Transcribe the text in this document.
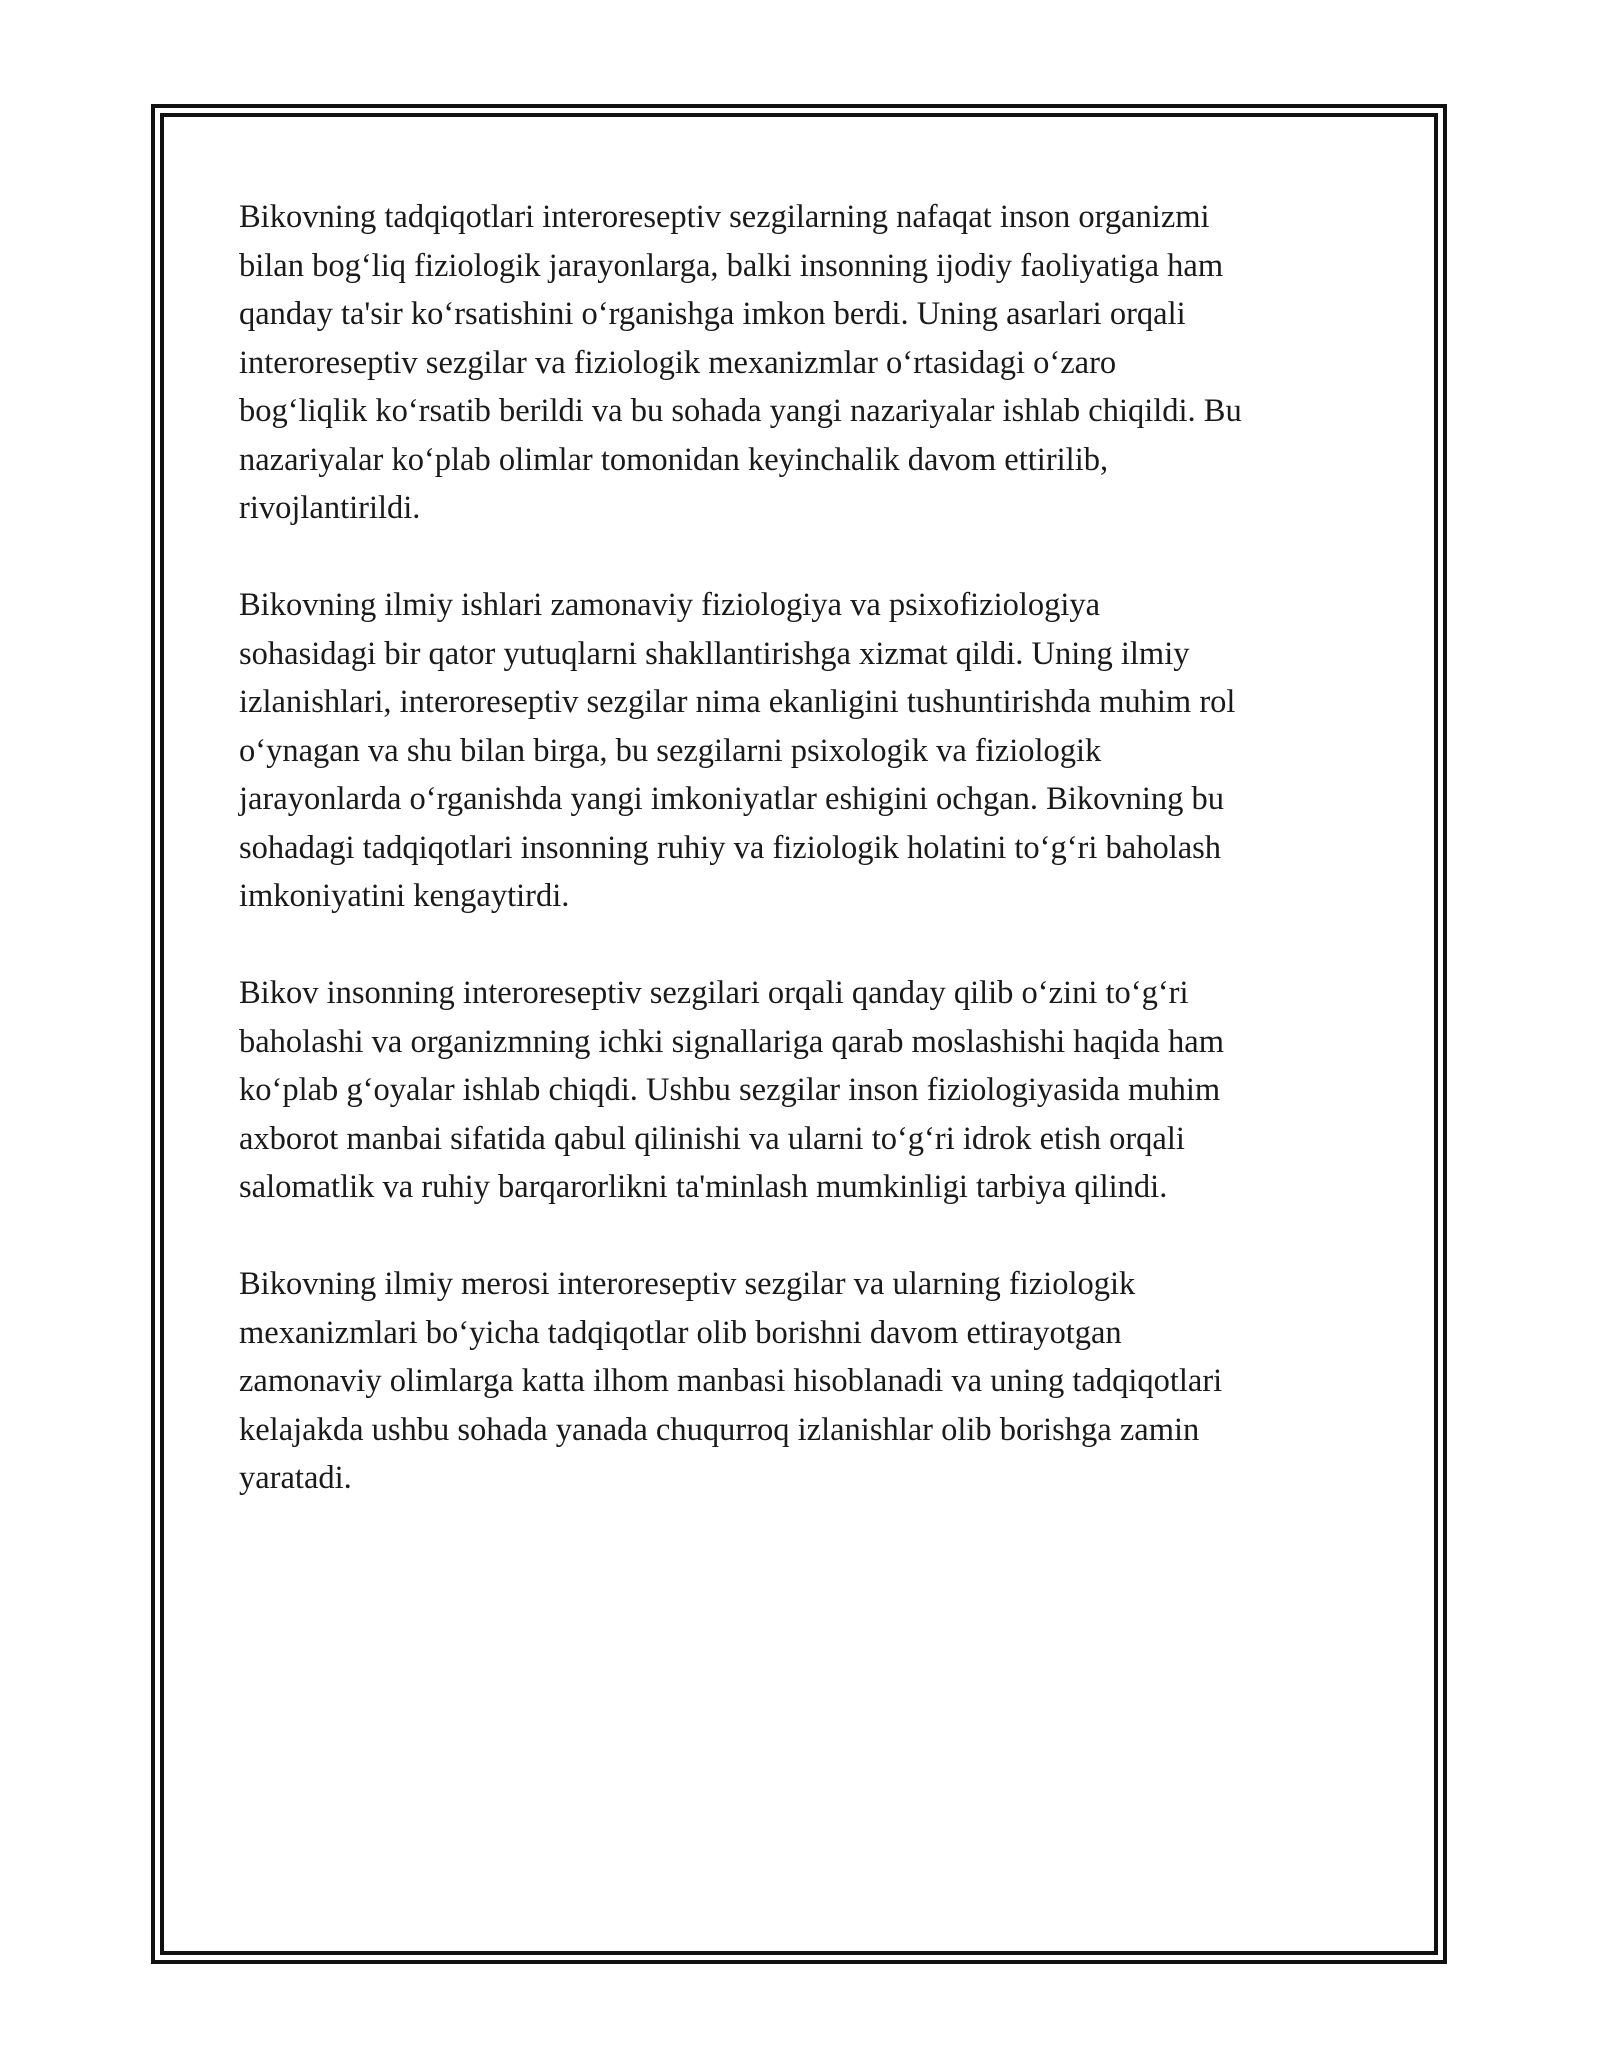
Bikovning tadqiqotlari interoreseptiv sezgilarning nafaqat inson organizmi
bilan bog‘liq fiziologik jarayonlarga, balki insonning ijodiy faoliyatiga ham
qanday ta'sir ko‘rsatishini o‘rganishga imkon berdi. Uning asarlari orqali
interoreseptiv sezgilar va fiziologik mexanizmlar o‘rtasidagi o‘zaro
bog‘liqlik ko‘rsatib berildi va bu sohada yangi nazariyalar ishlab chiqildi. Bu
nazariyalar ko‘plab olimlar tomonidan keyinchalik davom ettirilib,
rivojlantirildi.

Bikovning ilmiy ishlari zamonaviy fiziologiya va psixofiziologiya
sohasidagi bir qator yutuqlarni shakllantirishga xizmat qildi. Uning ilmiy
izlanishlari, interoreseptiv sezgilar nima ekanligini tushuntirishda muhim rol
o‘ynagan va shu bilan birga, bu sezgilarni psixologik va fiziologik
jarayonlarda o‘rganishda yangi imkoniyatlar eshigini ochgan. Bikovning bu
sohadagi tadqiqotlari insonning ruhiy va fiziologik holatini to‘g‘ri baholash
imkoniyatini kengaytirdi.

Bikov insonning interoreseptiv sezgilari orqali qanday qilib o‘zini to‘g‘ri
baholashi va organizmning ichki signallariga qarab moslashishi haqida ham
ko‘plab g‘oyalar ishlab chiqdi. Ushbu sezgilar inson fiziologiyasida muhim
axborot manbai sifatida qabul qilinishi va ularni to‘g‘ri idrok etish orqali
salomatlik va ruhiy barqarorlikni ta'minlash mumkinligi tarbiya qilindi.

Bikovning ilmiy merosi interoreseptiv sezgilar va ularning fiziologik
mexanizmlari bo‘yicha tadqiqotlar olib borishni davom ettirayotgan
zamonaviy olimlarga katta ilhom manbasi hisoblanadi va uning tadqiqotlari
kelajakda ushbu sohada yanada chuqurroq izlanishlar olib borishga zamin
yaratadi.
